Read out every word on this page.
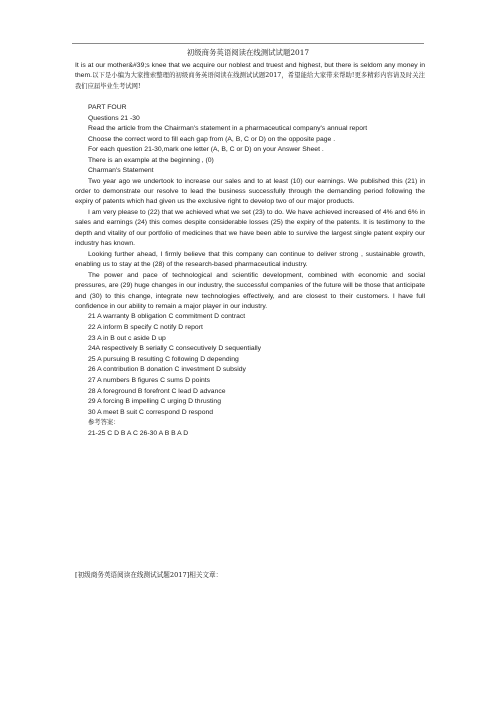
初级商务英语阅读在线测试试题2017

It is at our mother&#39;s knee that we acquire our noblest and truest and highest, but there is seldom any money in them.以下是小编为大家搜索整理的初级商务英语阅读在线测试试题2017，希望能给大家带来帮助!更多精彩内容请及时关注我们应届毕业生考试网!

PART FOUR

Questions 21 -30

Read the article from the Chairman's statement in a pharmaceutical company's annual report

Choose the correct word to fill each gap from (A, B, C or D) on the opposite page .

For each question 21-30,mark one letter (A, B, C or D) on your Answer Sheet .

There is an example at the beginning , (0)

Charman's Statement

Two year ago we undertook to increase our sales and to at least (10) our earnings. We published this (21) in order to demonstrate our resolve to lead the business successfully through the demanding period following the expiry of patents which had given us the exclusive right to develop two of our major products.

I am very please to (22) that we achieved what we set (23) to do. We have achieved increased of 4% and 6% in sales and earnings (24) this comes despite considerable losses (25) the expiry of the patents. It is testimony to the depth and vitality of our portfolio of medicines that we have been able to survive the largest single patent expiry our industry has known.

Looking further ahead, I firmly believe that this company can continue to deliver strong , sustainable growth, enabling us to stay at the (28) of the research-based pharmaceutical industry.

The power and pace of technological and scientific development, combined with economic and social pressures, are (29) huge changes in our industry, the successful companies of the future will be those that anticipate and (30) to this change, integrate new technologies effectively, and are closest to their customers. I have full confidence in our ability to remain a major player in our industry.

21 A warranty B obligation C commitment D contract

22 A inform B specify C notify D report

23 A in B out c aside D up

24A respectively B serially C consecutively D sequentially

25 A pursuing B resulting C following D depending

26 A contribution B donation C investment D subsidy

27 A numbers B figures C sums D points

28 A foreground B forefront C lead D advance

29 A forcing B impelling C urging D thrusting

30 A meet B suit C correspond D respond

参考答案：

21-25 C D B A C 26-30 A B B A D

[初级商务英语阅读在线测试试题2017]相关文章：
